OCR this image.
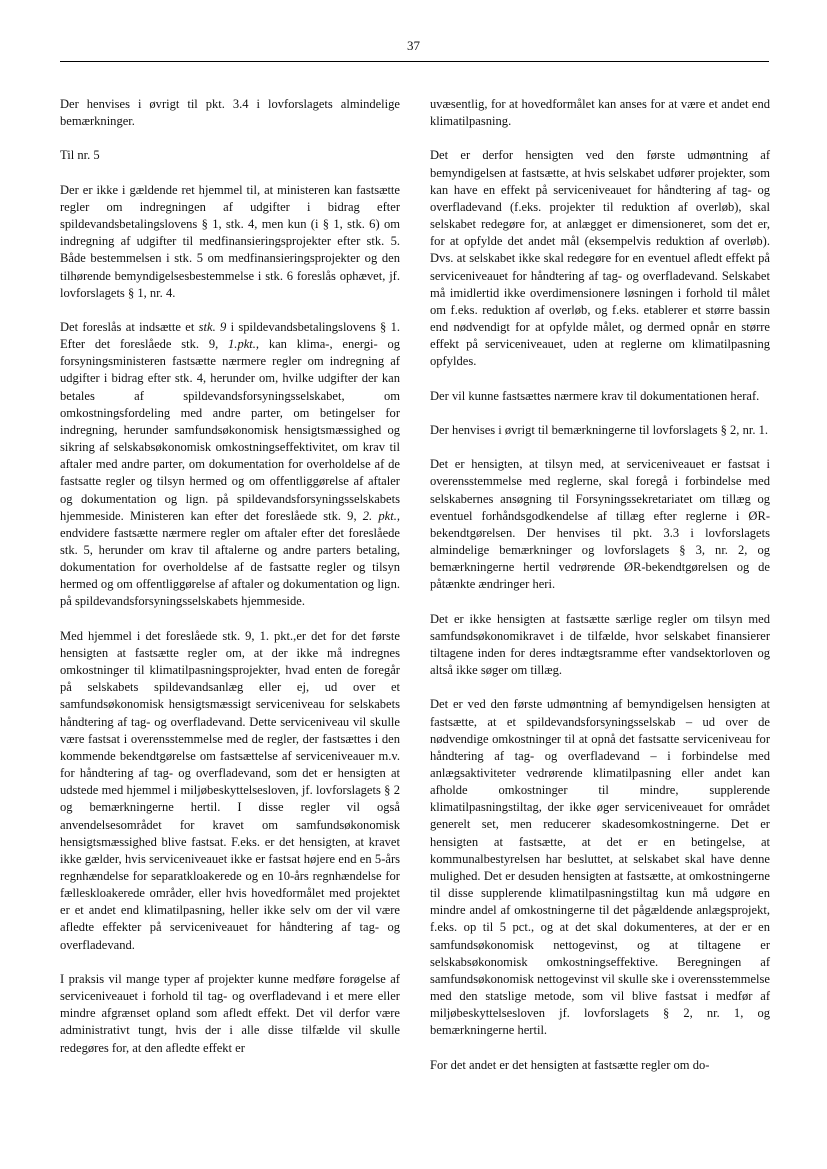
37

Der henvises i øvrigt til pkt. 3.4 i lovforslagets almindelige bemærkninger.

Til nr. 5

Der er ikke i gældende ret hjemmel til, at ministeren kan fastsætte regler om indregningen af udgifter i bidrag efter spildevandsbetalingslovens § 1, stk. 4, men kun (i § 1, stk. 6) om indregning af udgifter til medfinansieringsprojekter efter stk. 5. Både bestemmelsen i stk. 5 om medfinansieringsprojekter og den tilhørende bemyndigelsesbestemmelse i stk. 6 foreslås ophævet, jf. lovforslagets § 1, nr. 4.

Det foreslås at indsætte et stk. 9 i spildevandsbetalingslovens § 1. Efter det foreslåede stk. 9, 1.pkt., kan klima-, energi- og forsyningsministeren fastsætte nærmere regler om indregning af udgifter i bidrag efter stk. 4, herunder om, hvilke udgifter der kan betales af spildevandsforsyningsselskabet, om omkostningsfordeling med andre parter, om betingelser for indregning, herunder samfundsøkonomisk hensigtsmæssighed og sikring af selskabsøkonomisk omkostningseffektivitet, om krav til aftaler med andre parter, om dokumentation for overholdelse af de fastsatte regler og tilsyn hermed og om offentliggørelse af aftaler og dokumentation og lign. på spildevandsforsyningsselskabets hjemmeside. Ministeren kan efter det foreslåede stk. 9, 2. pkt., endvidere fastsætte nærmere regler om aftaler efter det foreslåede stk. 5, herunder om krav til aftalerne og andre parters betaling, dokumentation for overholdelse af de fastsatte regler og tilsyn hermed og om offentliggørelse af aftaler og dokumentation og lign. på spildevandsforsyningsselskabets hjemmeside.

Med hjemmel i det foreslåede stk. 9, 1. pkt.,er det for det første hensigten at fastsætte regler om, at der ikke må indregnes omkostninger til klimatilpasningsprojekter, hvad enten de foregår på selskabets spildevandsanlæg eller ej, ud over et samfundsøkonomisk hensigtsmæssigt serviceniveau for selskabets håndtering af tag- og overfladevand. Dette serviceniveau vil skulle være fastsat i overensstemmelse med de regler, der fastsættes i den kommende bekendtgørelse om fastsættelse af serviceniveauer m.v. for håndtering af tag- og overfladevand, som det er hensigten at udstede med hjemmel i miljøbeskyttelsesloven, jf. lovforslagets § 2 og bemærkningerne hertil. I disse regler vil også anvendelsesområdet for kravet om samfundsøkonomisk hensigtsmæssighed blive fastsat. F.eks. er det hensigten, at kravet ikke gælder, hvis serviceniveauet ikke er fastsat højere end en 5-års regnhændelse for separatkloakerede og en 10-års regnhændelse for fælleskloakerede områder, eller hvis hovedformålet med projektet er et andet end klimatilpasning, heller ikke selv om der vil være afledte effekter på serviceniveauet for håndtering af tag- og overfladevand.

I praksis vil mange typer af projekter kunne medføre forøgelse af serviceniveauet i forhold til tag- og overfladevand i et mere eller mindre afgrænset opland som afledt effekt. Det vil derfor være administrativt tungt, hvis der i alle disse tilfælde vil skulle redegøres for, at den afledte effekt er

uvæsentlig, for at hovedformålet kan anses for at være et andet end klimatilpasning.

Det er derfor hensigten ved den første udmøntning af bemyndigelsen at fastsætte, at hvis selskabet udfører projekter, som kan have en effekt på serviceniveauet for håndtering af tag- og overfladevand (f.eks. projekter til reduktion af overløb), skal selskabet redegøre for, at anlægget er dimensioneret, som det er, for at opfylde det andet mål (eksempelvis reduktion af overløb). Dvs. at selskabet ikke skal redegøre for en eventuel afledt effekt på serviceniveauet for håndtering af tag- og overfladevand. Selskabet må imidlertid ikke overdimensionere løsningen i forhold til målet om f.eks. reduktion af overløb, og f.eks. etablerer et større bassin end nødvendigt for at opfylde målet, og dermed opnår en større effekt på serviceniveauet, uden at reglerne om klimatilpasning opfyldes.

Der vil kunne fastsættes nærmere krav til dokumentationen heraf.

Der henvises i øvrigt til bemærkningerne til lovforslagets § 2, nr. 1.

Det er hensigten, at tilsyn med, at serviceniveauet er fastsat i overensstemmelse med reglerne, skal foregå i forbindelse med selskabernes ansøgning til Forsyningssekretariatet om tillæg og eventuel forhåndsgodkendelse af tillæg efter reglerne i ØR-bekendtgørelsen. Der henvises til pkt. 3.3 i lovforslagets almindelige bemærkninger og lovforslagets § 3, nr. 2, og bemærkningerne hertil vedrørende ØR-bekendtgørelsen og de påtænkte ændringer heri.

Det er ikke hensigten at fastsætte særlige regler om tilsyn med samfundsøkonomikravet i de tilfælde, hvor selskabet finansierer tiltagene inden for deres indtægtsramme efter vandsektorloven og altså ikke søger om tillæg.

Det er ved den første udmøntning af bemyndigelsen hensigten at fastsætte, at et spildevandsforsyningsselskab – ud over de nødvendige omkostninger til at opnå det fastsatte serviceniveau for håndtering af tag- og overfladevand – i forbindelse med anlægsaktiviteter vedrørende klimatilpasning eller andet kan afholde omkostninger til mindre, supplerende klimatilpasningstiltag, der ikke øger serviceniveauet for området generelt set, men reducerer skadesomkostningerne. Det er hensigten at fastsætte, at det er en betingelse, at kommunalbestyrelsen har besluttet, at selskabet skal have denne mulighed. Det er desuden hensigten at fastsætte, at omkostningerne til disse supplerende klimatilpasningstiltag kun må udgøre en mindre andel af omkostningerne til det pågældende anlægsprojekt, f.eks. op til 5 pct., og at det skal dokumenteres, at der er en samfundsøkonomisk nettogevinst, og at tiltagene er selskabsøkonomisk omkostningseffektive. Beregningen af samfundsøkonomisk nettogevinst vil skulle ske i overensstemmelse med den statslige metode, som vil blive fastsat i medfør af miljøbeskyttelsesloven jf. lovforslagets § 2, nr. 1, og bemærkningerne hertil.

For det andet er det hensigten at fastsætte regler om do-
